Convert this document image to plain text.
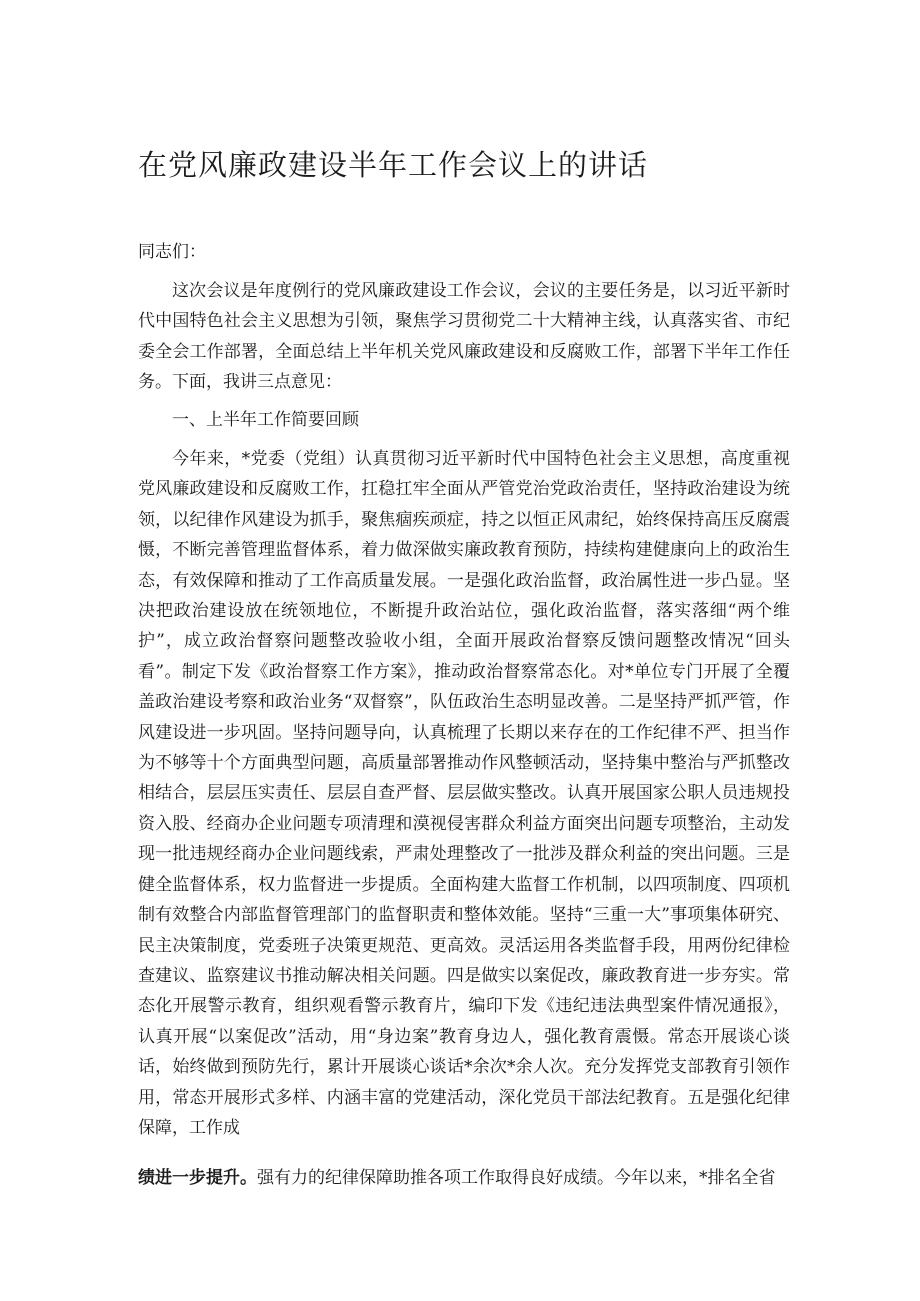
在党风廉政建设半年工作会议上的讲话

同志们：

这次会议是年度例行的党风廉政建设工作会议，会议的主要任务是，以习近平新时代中国特色社会主义思想为引领，聚焦学习贯彻党二十大精神主线，认真落实省、市纪委全会工作部署，全面总结上半年机关党风廉政建设和反腐败工作，部署下半年工作任务。下面，我讲三点意见：

一、上半年工作简要回顾

今年来，*党委（党组）认真贯彻习近平新时代中国特色社会主义思想，高度重视党风廉政建设和反腐败工作，扛稳扛牢全面从严管党治党政治责任，坚持政治建设为统领，以纪律作风建设为抓手，聚焦痼疾顽症，持之以恒正风肃纪，始终保持高压反腐震慑，不断完善管理监督体系，着力做深做实廉政教育预防，持续构建健康向上的政治生态，有效保障和推动了工作高质量发展。一是强化政治监督，政治属性进一步凸显。坚决把政治建设放在统领地位，不断提升政治站位，强化政治监督，落实落细“两个维护”，成立政治督察问题整改验收小组，全面开展政治督察反馈问题整改情况“回头看”。制定下发《政治督察工作方案》，推动政治督察常态化。对*单位专门开展了全覆盖政治建设考察和政治业务“双督察”，队伍政治生态明显改善。二是坚持严抓严管，作风建设进一步巩固。坚持问题导向，认真梳理了长期以来存在的工作纪律不严、担当作为不够等十个方面典型问题，高质量部署推动作风整顿活动，坚持集中整治与严抓整改相结合，层层压实责任、层层自查严督、层层做实整改。认真开展国家公职人员违规投资入股、经商办企业问题专项清理和漠视侵害群众利益方面突出问题专项整治，主动发现一批违规经商办企业问题线索，严肃处理整改了一批涉及群众利益的突出问题。三是健全监督体系，权力监督进一步提质。全面构建大监督工作机制，以四项制度、四项机制有效整合内部监督管理部门的监督职责和整体效能。坚持“三重一大”事项集体研究、民主决策制度，党委班子决策更规范、更高效。灵活运用各类监督手段，用两份纪律检查建议、监察建议书推动解决相关问题。四是做实以案促改，廉政教育进一步夯实。常态化开展警示教育，组织观看警示教育片，编印下发《违纪违法典型案件情况通报》，认真开展“以案促改”活动，用“身边案”教育身边人，强化教育震慑。常态开展谈心谈话，始终做到预防先行，累计开展谈心谈话*余次*余人次。充分发挥党支部教育引领作用，常态开展形式多样、内涵丰富的党建活动，深化党员干部法纪教育。五是强化纪律保障，工作成

绩进一步提升。强有力的纪律保障助推各项工作取得良好成绩。今年以来，*排名全省
